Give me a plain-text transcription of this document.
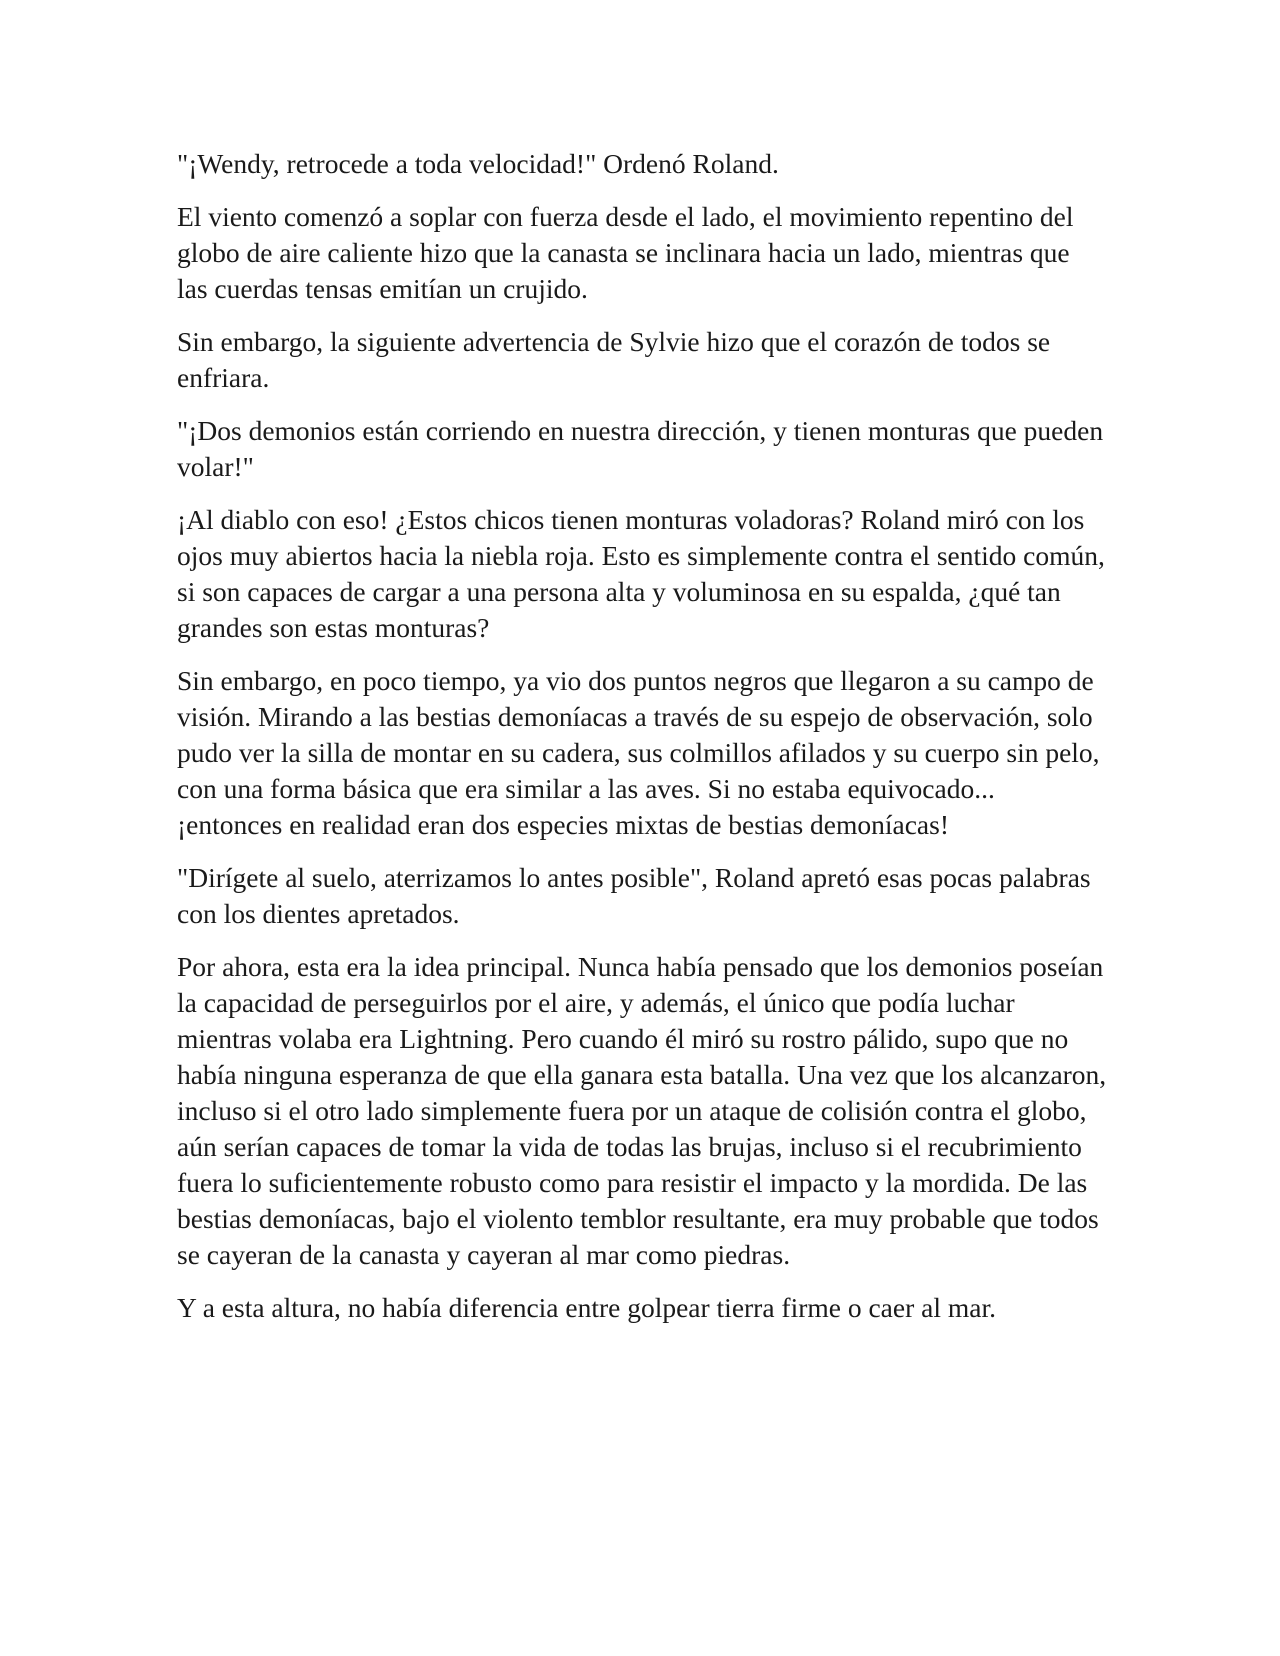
"¡Wendy, retrocede a toda velocidad!" Ordenó Roland.

El viento comenzó a soplar con fuerza desde el lado, el movimiento repentino del globo de aire caliente hizo que la canasta se inclinara hacia un lado, mientras que las cuerdas tensas emitían un crujido.

Sin embargo, la siguiente advertencia de Sylvie hizo que el corazón de todos se enfriara.

"¡Dos demonios están corriendo en nuestra dirección, y tienen monturas que pueden volar!"

¡Al diablo con eso! ¿Estos chicos tienen monturas voladoras? Roland miró con los ojos muy abiertos hacia la niebla roja. Esto es simplemente contra el sentido común, si son capaces de cargar a una persona alta y voluminosa en su espalda, ¿qué tan grandes son estas monturas?

Sin embargo, en poco tiempo, ya vio dos puntos negros que llegaron a su campo de visión. Mirando a las bestias demoníacas a través de su espejo de observación, solo pudo ver la silla de montar en su cadera, sus colmillos afilados y su cuerpo sin pelo, con una forma básica que era similar a las aves. Si no estaba equivocado... ¡entonces en realidad eran dos especies mixtas de bestias demoníacas!

"Dirígete al suelo, aterrizamos lo antes posible", Roland apretó esas pocas palabras con los dientes apretados.

Por ahora, esta era la idea principal. Nunca había pensado que los demonios poseían la capacidad de perseguirlos por el aire, y además, el único que podía luchar mientras volaba era Lightning. Pero cuando él miró su rostro pálido, supo que no había ninguna esperanza de que ella ganara esta batalla. Una vez que los alcanzaron, incluso si el otro lado simplemente fuera por un ataque de colisión contra el globo, aún serían capaces de tomar la vida de todas las brujas, incluso si el recubrimiento fuera lo suficientemente robusto como para resistir el impacto y la mordida. De las bestias demoníacas, bajo el violento temblor resultante, era muy probable que todos se cayeran de la canasta y cayeran al mar como piedras.

Y a esta altura, no había diferencia entre golpear tierra firme o caer al mar.
